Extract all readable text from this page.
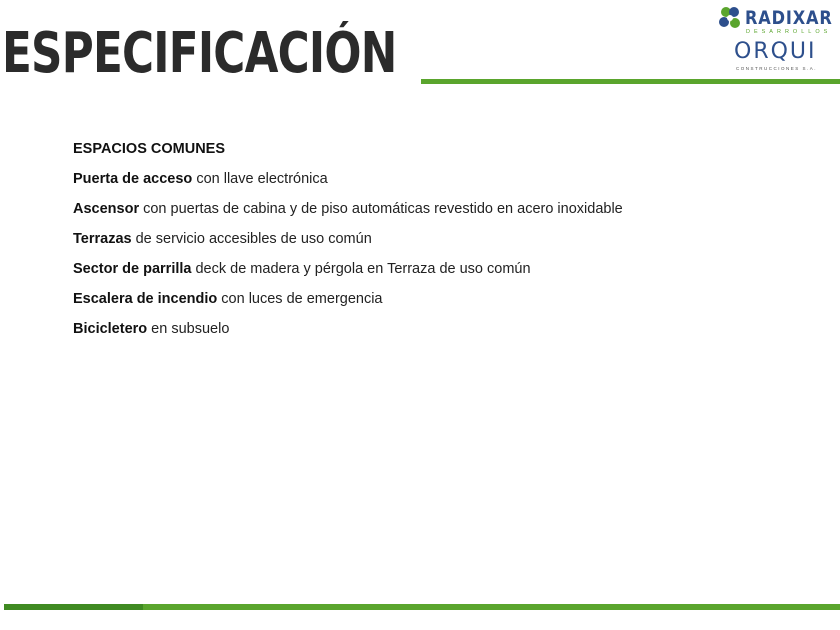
ESPECIFICACIÓN
RADIXAR
DESARROLLOS
ORQUI
CONSTRUCCIONES S.A.
ESPACIOS COMUNES
Puerta de acceso con llave electrónica
Ascensor con puertas de cabina y de piso automáticas revestido en acero inoxidable
Terrazas de servicio accesibles de uso común
Sector de parrilla deck de madera y pérgola en Terraza de uso común
Escalera de incendio con luces de emergencia
Bicicletero en subsuelo
